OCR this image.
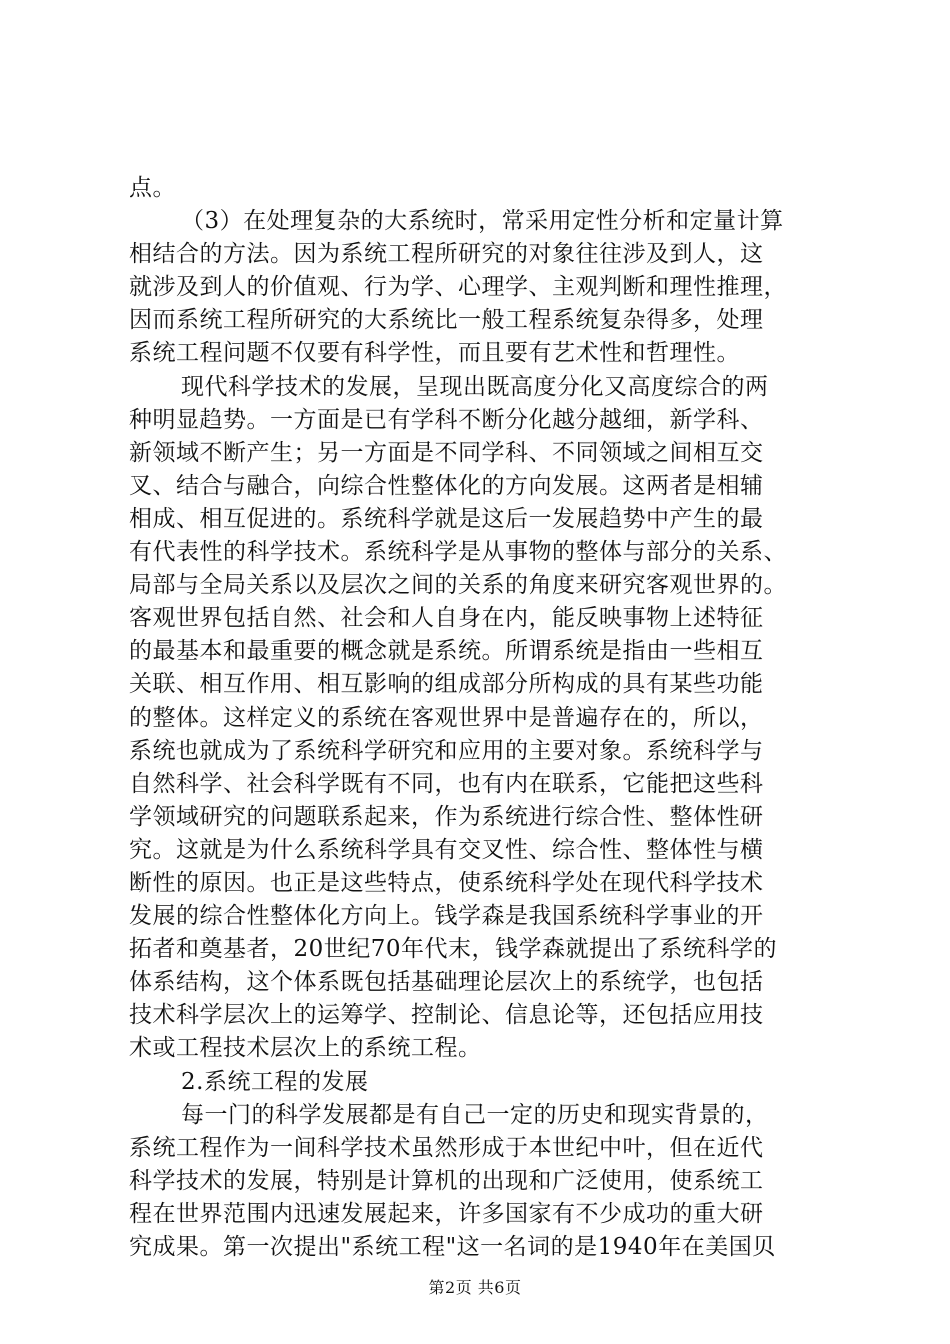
点。
（3）在处理复杂的大系统时，常采用定性分析和定量计算
相结合的方法。因为系统工程所研究的对象往往涉及到人，这
就涉及到人的价值观、行为学、心理学、主观判断和理性推理，
因而系统工程所研究的大系统比一般工程系统复杂得多，处理
系统工程问题不仅要有科学性，而且要有艺术性和哲理性。
现代科学技术的发展，呈现出既高度分化又高度综合的两
种明显趋势。一方面是已有学科不断分化越分越细，新学科、
新领域不断产生；另一方面是不同学科、不同领域之间相互交
叉、结合与融合，向综合性整体化的方向发展。这两者是相辅
相成、相互促进的。系统科学就是这后一发展趋势中产生的最
有代表性的科学技术。系统科学是从事物的整体与部分的关系、
局部与全局关系以及层次之间的关系的角度来研究客观世界的。
客观世界包括自然、社会和人自身在内，能反映事物上述特征
的最基本和最重要的概念就是系统。所谓系统是指由一些相互
关联、相互作用、相互影响的组成部分所构成的具有某些功能
的整体。这样定义的系统在客观世界中是普遍存在的，所以，
系统也就成为了系统科学研究和应用的主要对象。系统科学与
自然科学、社会科学既有不同，也有内在联系，它能把这些科
学领域研究的问题联系起来，作为系统进行综合性、整体性研
究。这就是为什么系统科学具有交叉性、综合性、整体性与横
断性的原因。也正是这些特点，使系统科学处在现代科学技术
发展的综合性整体化方向上。钱学森是我国系统科学事业的开
拓者和奠基者，20世纪70年代末，钱学森就提出了系统科学的
体系结构，这个体系既包括基础理论层次上的系统学，也包括
技术科学层次上的运筹学、控制论、信息论等，还包括应用技
术或工程技术层次上的系统工程。
2.系统工程的发展
每一门的科学发展都是有自己一定的历史和现实背景的，
系统工程作为一间科学技术虽然形成于本世纪中叶，但在近代
科学技术的发展，特别是计算机的出现和广泛使用，使系统工
程在世界范围内迅速发展起来，许多国家有不少成功的重大研
究成果。第一次提出"系统工程"这一名词的是1940年在美国贝
第2页 共6页
